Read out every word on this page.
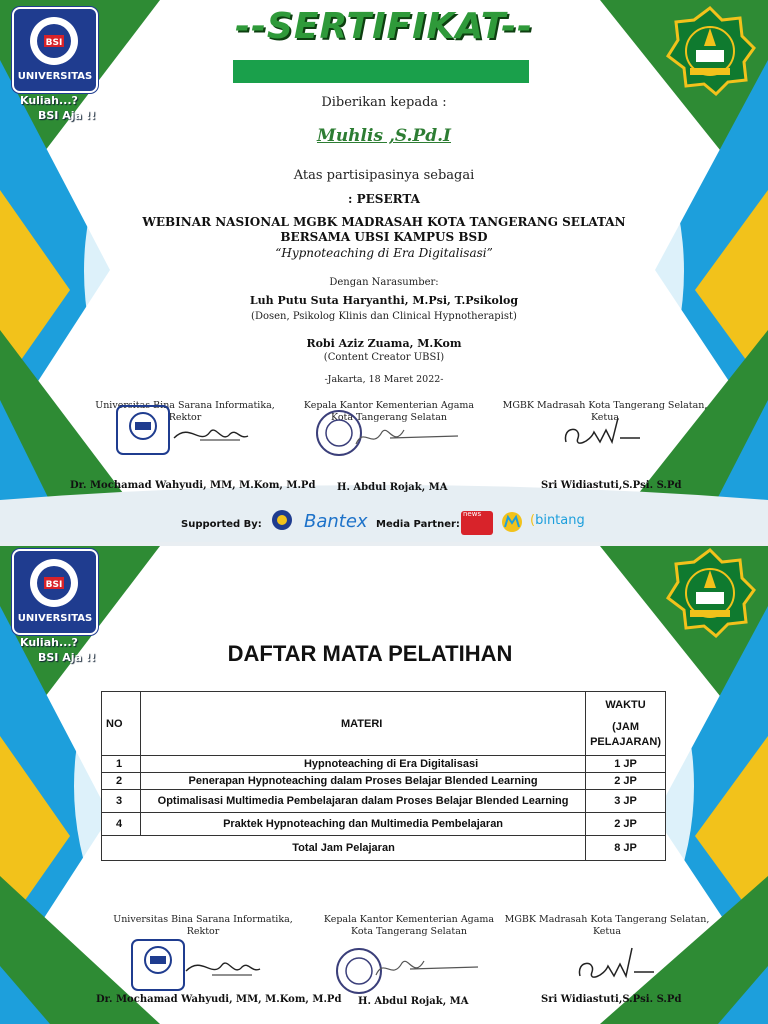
BSI
UNIVERSITAS
Kuliah...?
BSI Aja !!
--SERTIFIKAT--
Diberikan kepada :
Muhlis ,S.Pd.I
Atas partisipasinya sebagai
: PESERTA
WEBINAR NASIONAL MGBK MADRASAH KOTA TANGERANG SELATAN
BERSAMA UBSI KAMPUS BSD
“Hypnoteaching di Era Digitalisasi”
Dengan Narasumber:
Luh Putu Suta Haryanthi, M.Psi, T.Psikolog
(Dosen, Psikolog Klinis dan Clinical Hypnotherapist)
Robi Aziz Zuama, M.Kom
(Content Creator UBSI)
-Jakarta, 18 Maret 2022-
Universitas Bina Sarana Informatika,
Rektor
Kepala Kantor Kementerian Agama
Kota Tangerang Selatan
MGBK Madrasah Kota Tangerang Selatan,
Ketua
Dr. Mochamad Wahyudi, MM, M.Kom, M.Pd H. Abdul Rojak, MA	Sri Widiastuti,S.Psi. S.Pd
Supported By: Bantex Media Partner:
news	(bintang
BSI
UNIVERSITAS
Kuliah...?
BSI Aja !!	DAFTAR MATA PELATIHAN
NO	MATERI	WAKTU
(JAM
PELAJARAN)

1	Hypnoteaching di Era Digitalisasi	1 JP
2	Penerapan Hypnoteaching dalam Proses Belajar Blended Learning	2 JP
3	Optimalisasi Multimedia Pembelajaran dalam Proses Belajar Blended Learning	3 JP
4	Praktek Hypnoteaching dan Multimedia Pembelajaran	2 JP
Total Jam Pelajaran		8 JP
Universitas Bina Sarana Informatika,
Rektor
Kepala Kantor Kementerian Agama
Kota Tangerang Selatan
MGBK Madrasah Kota Tangerang Selatan,
Ketua
Dr. Mochamad Wahyudi, MM, M.Kom, M.Pd H. Abdul Rojak, MA	Sri Widiastuti,S.Psi. S.Pd
